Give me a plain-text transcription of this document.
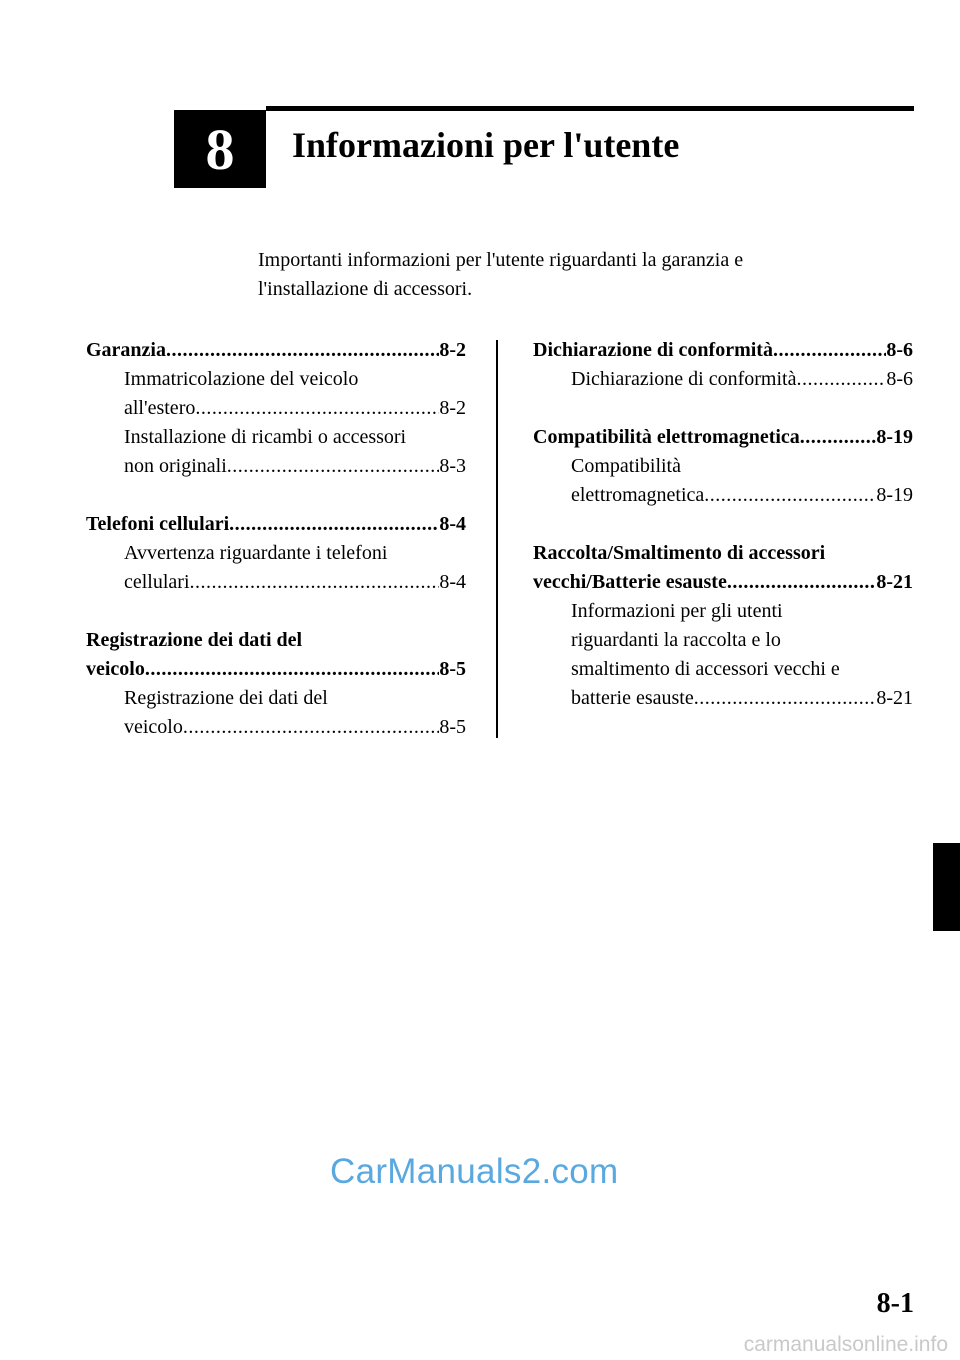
8 Informazioni per l'utente
Importanti informazioni per l'utente riguardanti la garanzia e
l'installazione di accessori.
Garanzia .....	8-2
Immatricolazione del veicolo
all'estero .....	8-2
Installazione di ricambi o accessori
non originali .....	8-3
Telefoni cellulari .....	8-4
Avvertenza riguardante i telefoni
cellulari .....	8-4
Registrazione dei dati del
veicolo .....	8-5
Registrazione dei dati del
veicolo .....	8-5
Dichiarazione di conformità .....	8-6
Dichiarazione di conformità .....	8-6
Compatibilità elettromagnetica .....	8-19
Compatibilità
elettromagnetica .....	8-19
Raccolta/Smaltimento di accessori
vecchi/Batterie esauste .....	8-21
Informazioni per gli utenti
riguardanti la raccolta e lo
smaltimento di accessori vecchi e
batterie esauste .....	8-21
CarManuals2.com
8-1
carmanualsonline.info
